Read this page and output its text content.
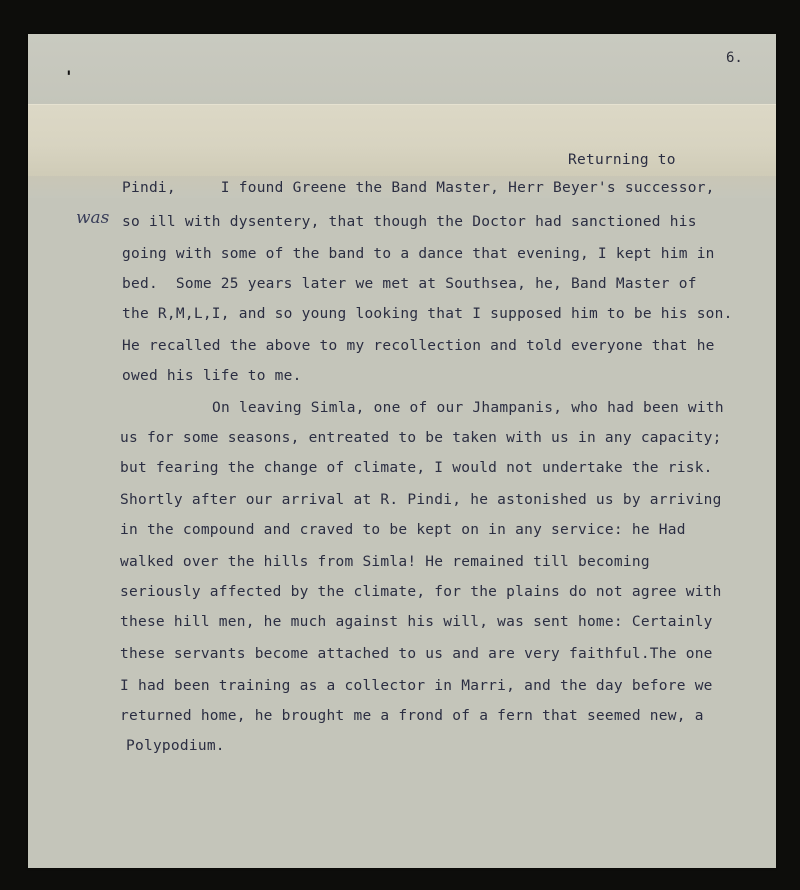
6.
'
was

Returning to

Pindi,     I found Greene the Band Master, Herr Beyer's successor,

so ill with dysentery, that though the Doctor had sanctioned his

going with some of the band to a dance that evening, I kept him in

bed.  Some 25 years later we met at Southsea, he, Band Master of

the R,M,L,I, and so young looking that I supposed him to be his son.

He recalled the above to my recollection and told everyone that he

owed his life to me.

On leaving Simla, one of our Jhampanis, who had been with

us for some seasons, entreated to be taken with us in any capacity;

but fearing the change of climate, I would not undertake the risk.

Shortly after our arrival at R. Pindi, he astonished us by arriving

in the compound and craved to be kept on in any service: he Had

walked over the hills from Simla! He remained till becoming

seriously affected by the climate, for the plains do not agree with

these hill men, he much against his will, was sent home: Certainly

these servants become attached to us and are very faithful.The one

I had been training as a collector in Marri, and the day before we

returned home, he brought me a frond of a fern that seemed new, a

Polypodium.
